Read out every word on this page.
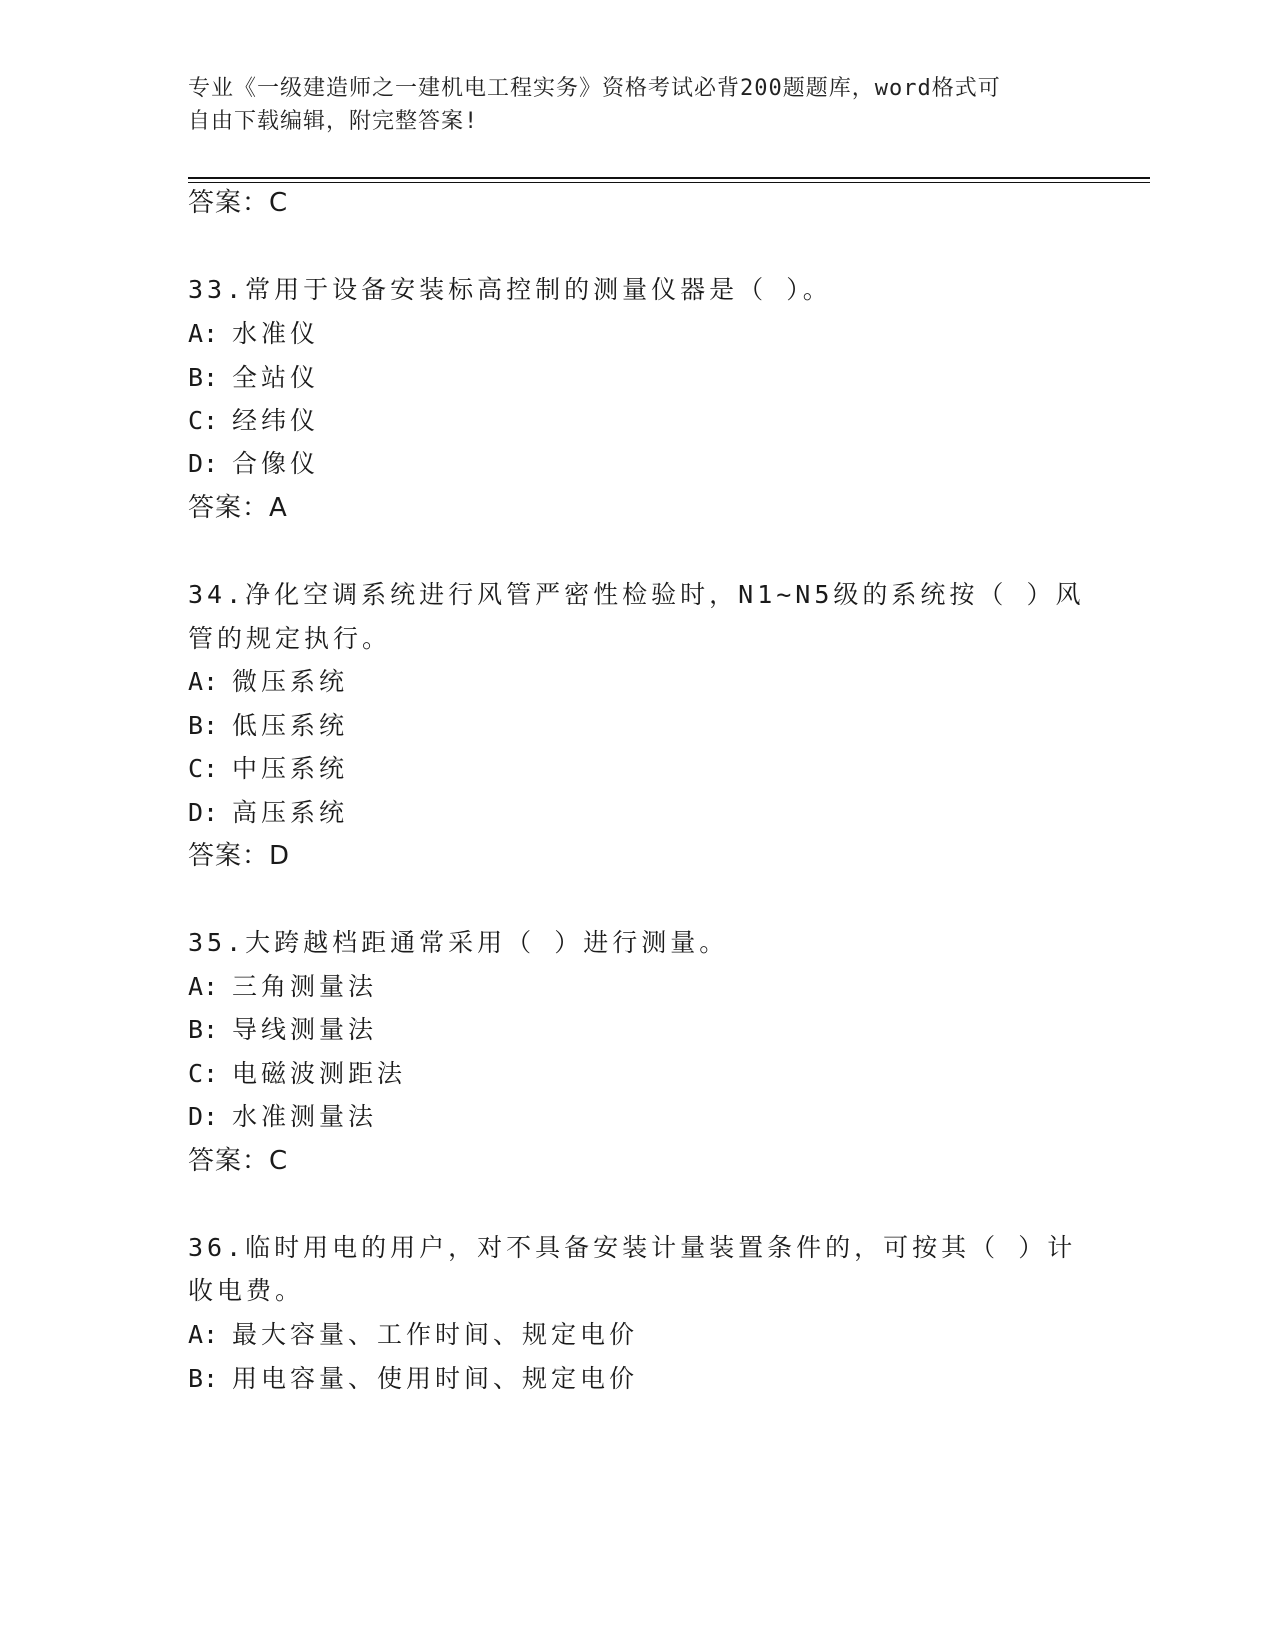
专业《一级建造师之一建机电工程实务》资格考试必背200题题库，word格式可
自由下载编辑，附完整答案!
答案：C
33.常用于设备安装标高控制的测量仪器是（ ）。
A: 水准仪
B: 全站仪
C: 经纬仪
D: 合像仪
答案：A
34.净化空调系统进行风管严密性检验时，N1~N5级的系统按（ ）风
管的规定执行。
A: 微压系统
B: 低压系统
C: 中压系统
D: 高压系统
答案：D
35.大跨越档距通常采用（ ）进行测量。
A: 三角测量法
B: 导线测量法
C: 电磁波测距法
D: 水准测量法
答案：C
36.临时用电的用户，对不具备安装计量装置条件的，可按其（ ）计
收电费。
A: 最大容量、工作时间、规定电价
B: 用电容量、使用时间、规定电价
